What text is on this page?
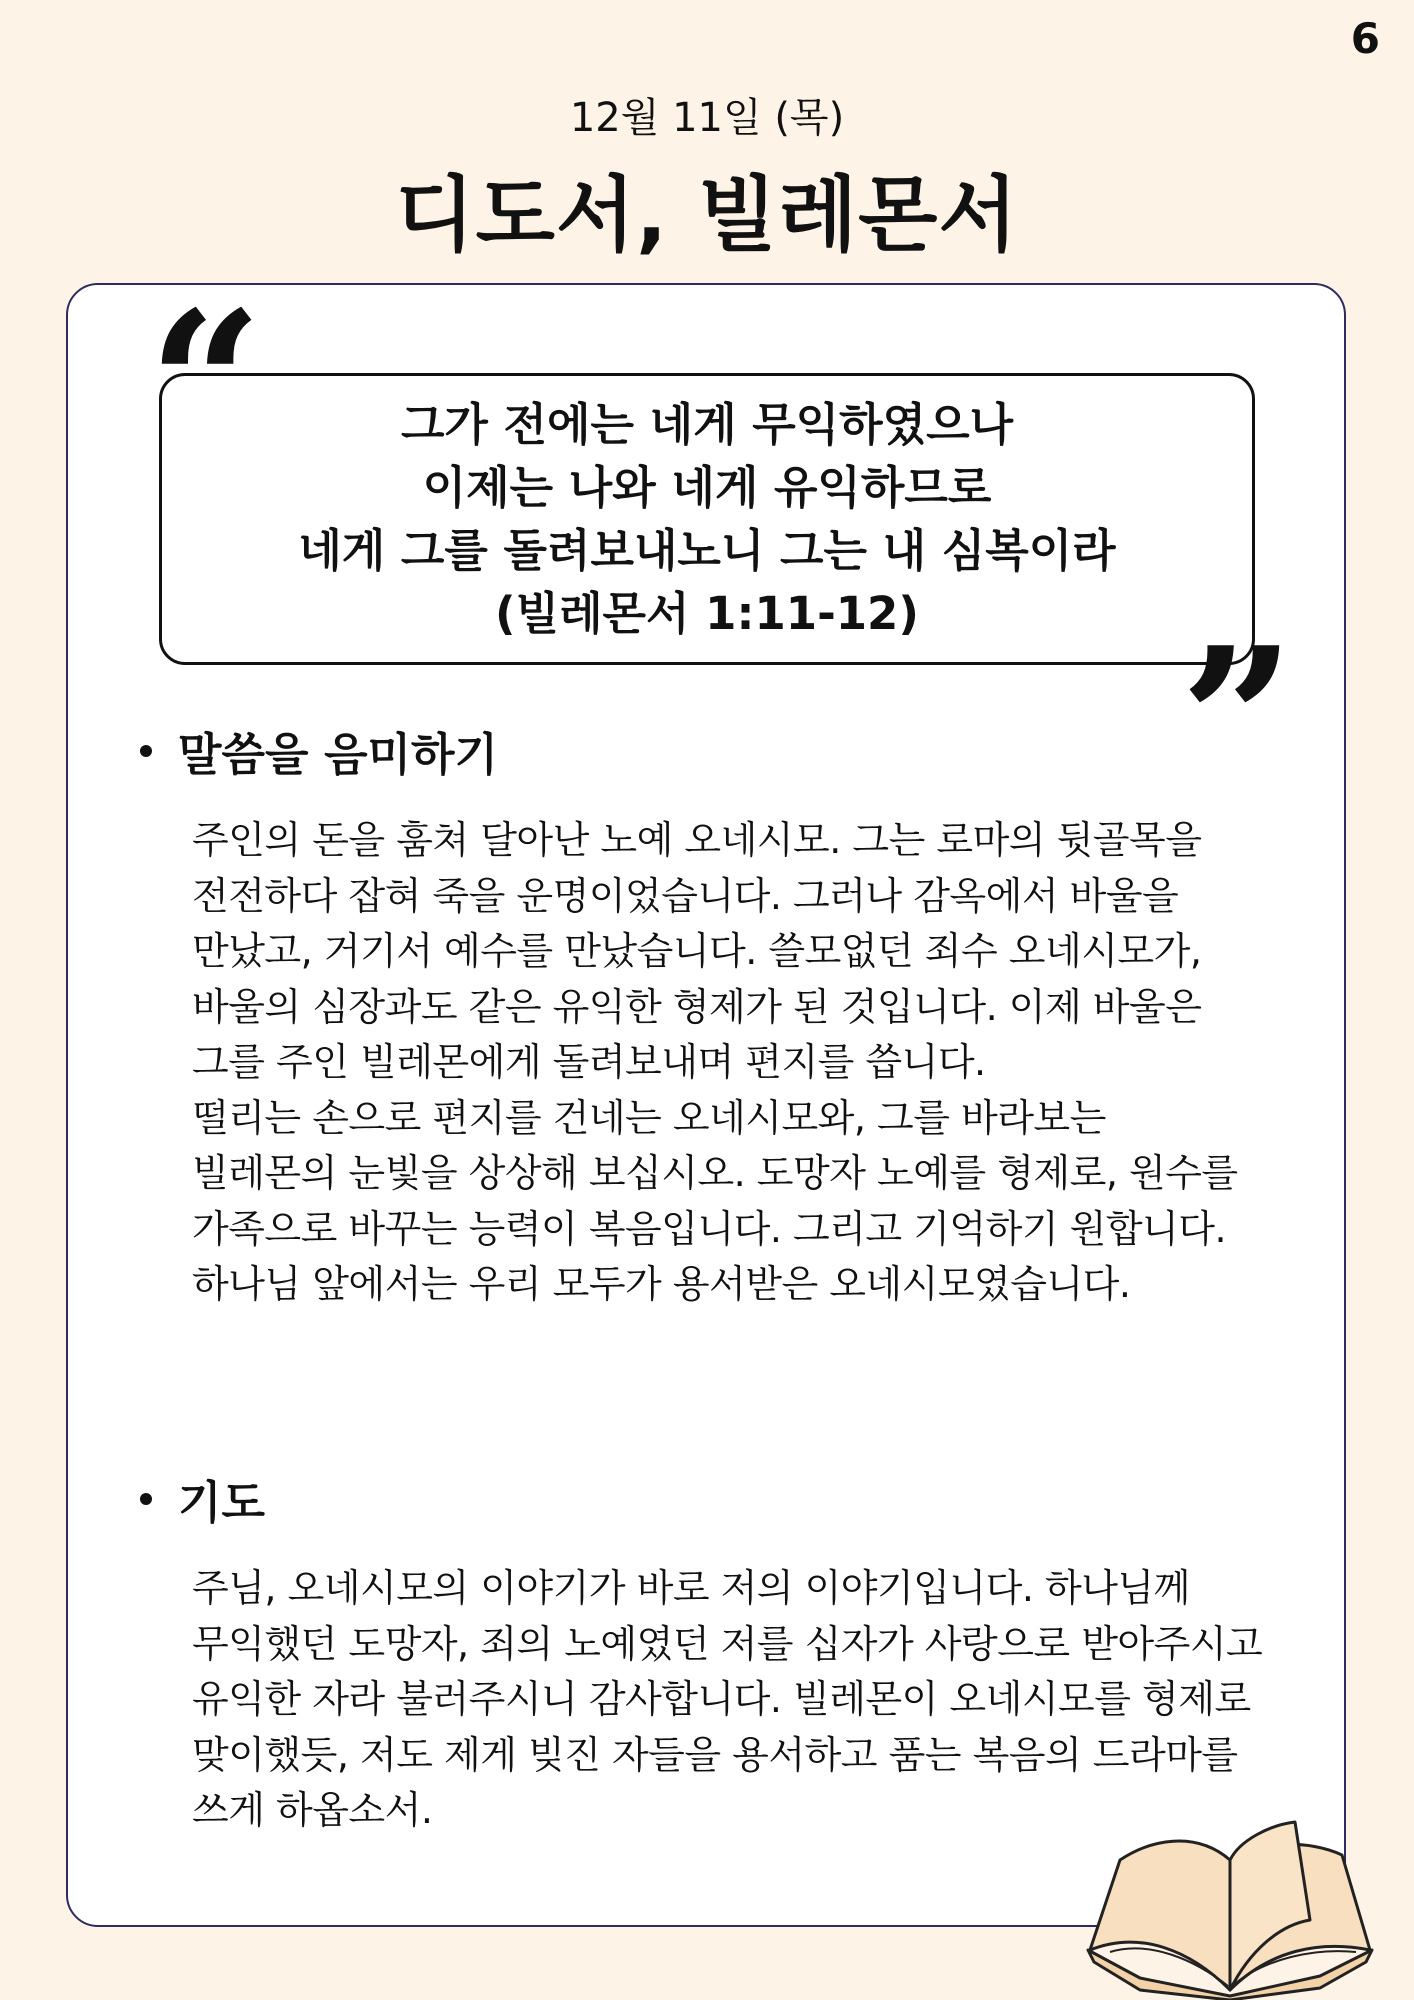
6
12월 11일 (목)
디도서, 빌레몬서
“
”
그가 전에는 네게 무익하였으나
이제는 나와 네게 유익하므로
네게 그를 돌려보내노니 그는 내 심복이라
(빌레몬서 1:11-12)
말씀을 음미하기
주인의 돈을 훔쳐 달아난 노예 오네시모. 그는 로마의 뒷골목을
전전하다 잡혀 죽을 운명이었습니다. 그러나 감옥에서 바울을
만났고, 거기서 예수를 만났습니다. 쓸모없던 죄수 오네시모가,
바울의 심장과도 같은 유익한 형제가 된 것입니다. 이제 바울은
그를 주인 빌레몬에게 돌려보내며 편지를 씁니다.
떨리는 손으로 편지를 건네는 오네시모와, 그를 바라보는
빌레몬의 눈빛을 상상해 보십시오. 도망자 노예를 형제로, 원수를
가족으로 바꾸는 능력이 복음입니다. 그리고 기억하기 원합니다.
하나님 앞에서는 우리 모두가 용서받은 오네시모였습니다.
기도
주님, 오네시모의 이야기가 바로 저의 이야기입니다. 하나님께
무익했던 도망자, 죄의 노예였던 저를 십자가 사랑으로 받아주시고
유익한 자라 불러주시니 감사합니다. 빌레몬이 오네시모를 형제로
맞이했듯, 저도 제게 빚진 자들을 용서하고 품는 복음의 드라마를
쓰게 하옵소서.
